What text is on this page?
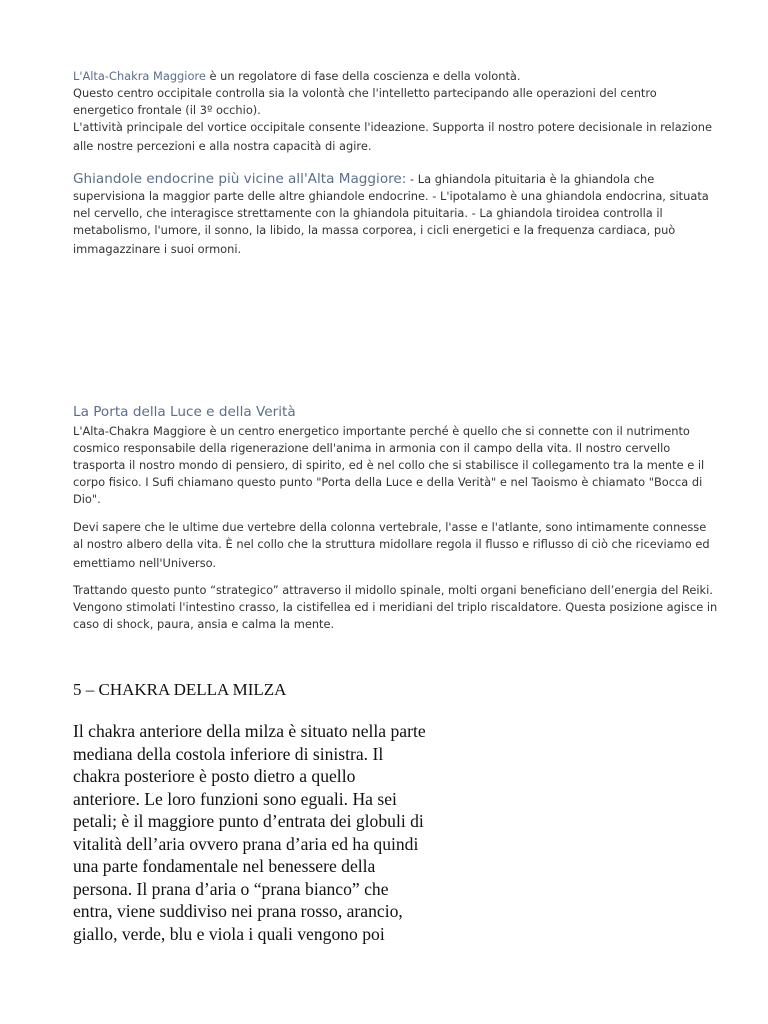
L'Alta-Chakra Maggiore è un regolatore di fase della coscienza e della volontà.
Questo centro occipitale controlla sia la volontà che l'intelletto partecipando alle operazioni del centro
energetico frontale (il 3º occhio).
L'attività principale del vortice occipitale consente l'ideazione. Supporta il nostro potere decisionale in relazione
alle nostre percezioni e alla nostra capacità di agire.
Ghiandole endocrine più vicine all'Alta Maggiore: - La ghiandola pituitaria è la ghiandola che
supervisiona la maggior parte delle altre ghiandole endocrine. - L'ipotalamo è una ghiandola endocrina, situata
nel cervello, che interagisce strettamente con la ghiandola pituitaria. - La ghiandola tiroidea controlla il
metabolismo, l'umore, il sonno, la libido, la massa corporea, i cicli energetici e la frequenza cardiaca, può
immagazzinare i suoi ormoni.
La Porta della Luce e della Verità
L'Alta-Chakra Maggiore è un centro energetico importante perché è quello che si connette con il nutrimento
cosmico responsabile della rigenerazione dell'anima in armonia con il campo della vita. Il nostro cervello
trasporta il nostro mondo di pensiero, di spirito, ed è nel collo che si stabilisce il collegamento tra la mente e il
corpo fisico. I Sufi chiamano questo punto "Porta della Luce e della Verità" e nel Taoismo è chiamato "Bocca di
Dio".
Devi sapere che le ultime due vertebre della colonna vertebrale, l'asse e l'atlante, sono intimamente connesse
al nostro albero della vita. È nel collo che la struttura midollare regola il flusso e riflusso di ciò che riceviamo ed
emettiamo nell'Universo.
Trattando questo punto “strategico” attraverso il midollo spinale, molti organi beneficiano dell’energia del Reiki.
Vengono stimolati l'intestino crasso, la cistifellea ed i meridiani del triplo riscaldatore. Questa posizione agisce in
caso di shock, paura, ansia e calma la mente.
5 – CHAKRA DELLA MILZA
Il chakra anteriore della milza è situato nella parte
mediana della costola inferiore di sinistra. Il
chakra posteriore è posto dietro a quello
anteriore. Le loro funzioni sono eguali. Ha sei
petali; è il maggiore punto d’entrata dei globuli di
vitalità dell’aria ovvero prana d’aria ed ha quindi
una parte fondamentale nel benessere della
persona. Il prana d’aria o “prana bianco” che
entra, viene suddiviso nei prana rosso, arancio,
giallo, verde, blu e viola i quali vengono poi
